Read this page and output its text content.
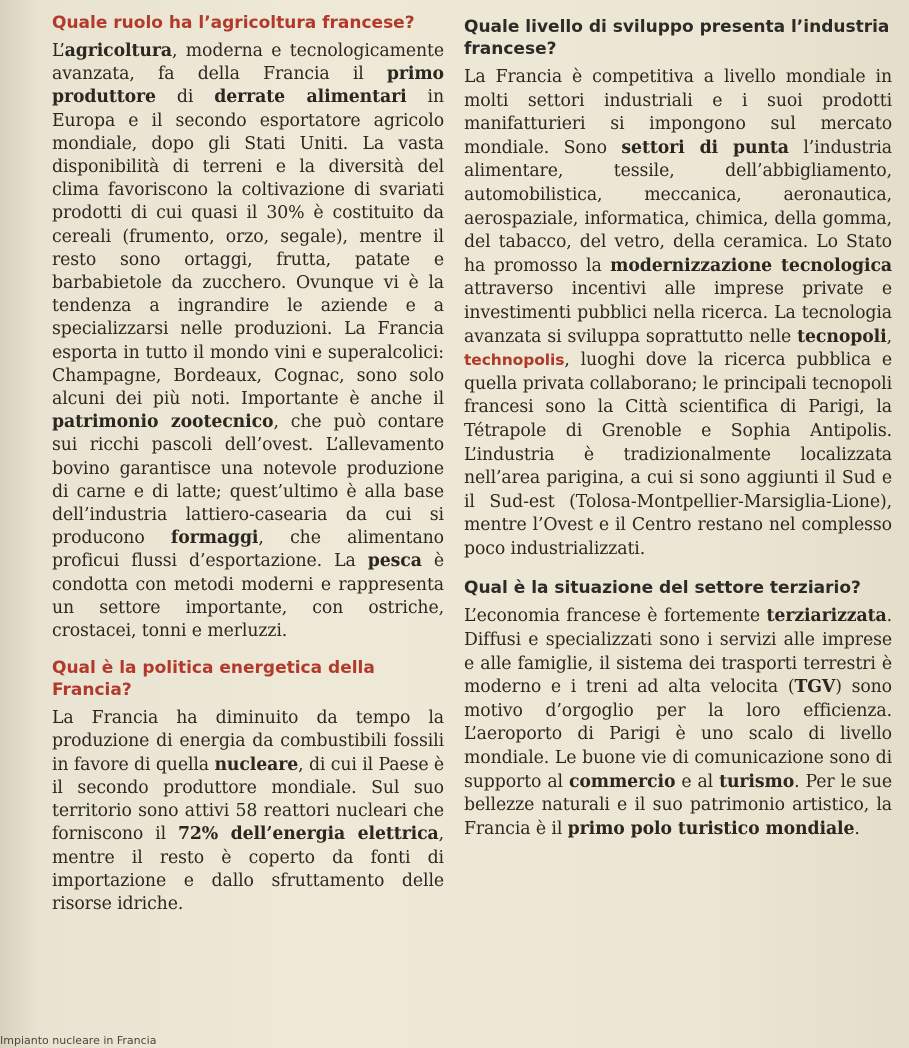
Quale ruolo ha l’agricoltura francese?

L’agricoltura, moderna e tecnologicamente avanzata, fa della Francia il primo produttore di derrate alimentari in Europa e il secondo esportatore agricolo mondiale, dopo gli Stati Uniti. La vasta disponibilità di terreni e la diversità del clima favoriscono la coltivazione di svariati prodotti di cui quasi il 30% è costituito da cereali (frumento, orzo, segale), mentre il resto sono ortaggi, frutta, patate e barbabietole da zucchero. Ovunque vi è la tendenza a ingrandire le aziende e a specializzarsi nelle produzioni. La Francia esporta in tutto il mondo vini e superalcolici: Champagne, Bordeaux, Cognac, sono solo alcuni dei più noti. Importante è anche il patrimonio zootecnico, che può contare sui ricchi pascoli dell’ovest. L’allevamento bovino garantisce una notevole produzione di carne e di latte; quest’ultimo è alla base dell’industria lattiero-casearia da cui si producono formaggi, che alimentano proficui flussi d’esportazione. La pesca è condotta con metodi moderni e rappresenta un settore importante, con ostriche, crostacei, tonni e merluzzi.

Qual è la politica energetica della Francia?

La Francia ha diminuito da tempo la produzione di energia da combustibili fossili in favore di quella nucleare, di cui il Paese è il secondo produttore mondiale. Sul suo territorio sono attivi 58 reattori nucleari che forniscono il 72% dell’energia elettrica, mentre il resto è coperto da fonti di importazione e dallo sfruttamento delle risorse idriche.

Quale livello di sviluppo presenta l’industria francese?

La Francia è competitiva a livello mondiale in molti settori industriali e i suoi prodotti manifatturieri si impongono sul mercato mondiale. Sono settori di punta l’industria alimentare, tessile, dell’abbigliamento, automobilistica, meccanica, aeronautica, aerospaziale, informatica, chimica, della gomma, del tabacco, del vetro, della ceramica. Lo Stato ha promosso la modernizzazione tecnologica attraverso incentivi alle imprese private e investimenti pubblici nella ricerca. La tecnologia avanzata si sviluppa soprattutto nelle tecnopoli, technopolis, luoghi dove la ricerca pubblica e quella privata collaborano; le principali tecnopoli francesi sono la Città scientifica di Parigi, la Tétrapole di Grenoble e Sophia Antipolis. L’industria è tradizionalmente localizzata nell’area parigina, a cui si sono aggiunti il Sud e il Sud-est (Tolosa-Montpellier-Marsiglia-Lione), mentre l’Ovest e il Centro restano nel complesso poco industrializzati.

Qual è la situazione del settore terziario?

L’economia francese è fortemente terziarizzata. Diffusi e specializzati sono i servizi alle imprese e alle famiglie, il sistema dei trasporti terrestri è moderno e i treni ad alta velocita (TGV) sono motivo d’orgoglio per la loro efficienza. L’aeroporto di Parigi è uno scalo di livello mondiale. Le buone vie di comunicazione sono di supporto al commercio e al turismo. Per le sue bellezze naturali e il suo patrimonio artistico, la Francia è il primo polo turistico mondiale.

Impianto nucleare in Francia
